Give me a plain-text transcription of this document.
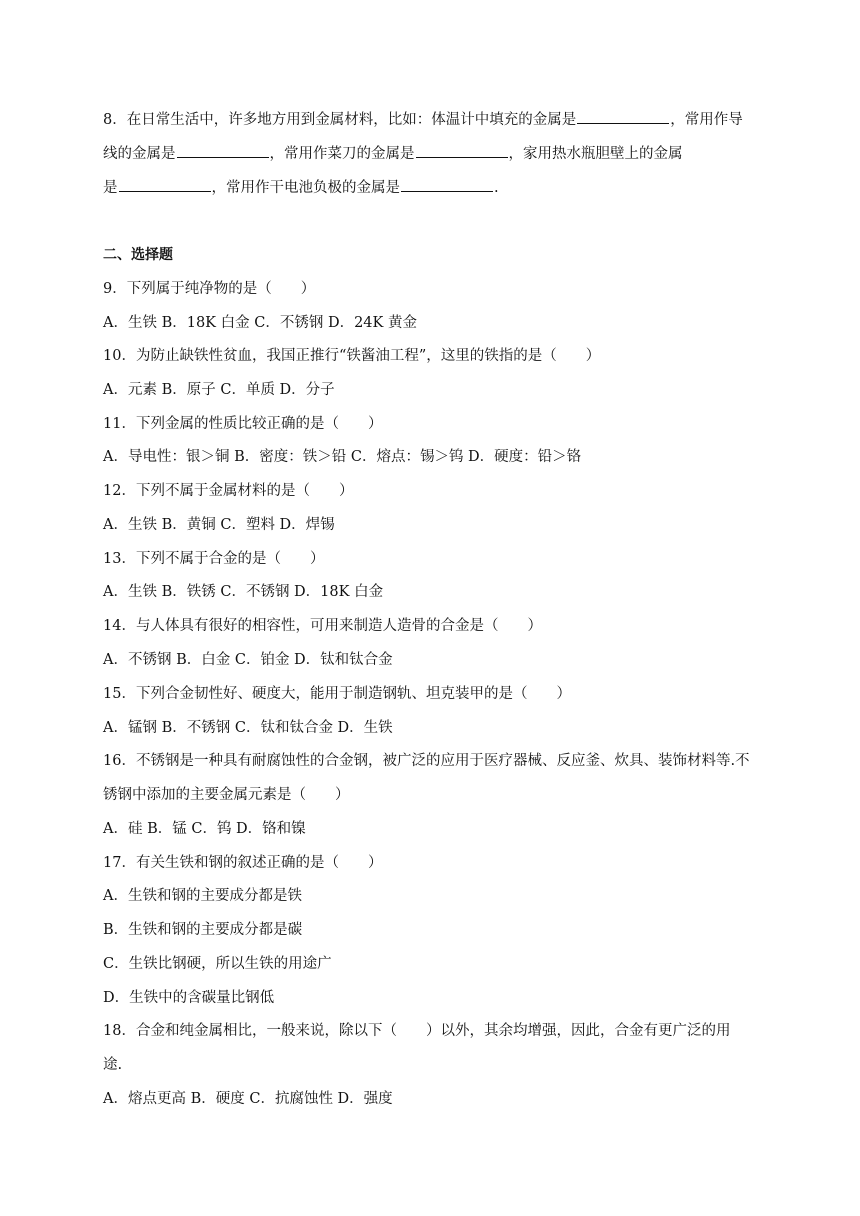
8．在日常生活中，许多地方用到金属材料，比如：体温计中填充的金属是	，常用作导
线的金属是	，常用作菜刀的金属是	，家用热水瓶胆壁上的金属
是	，常用作干电池负极的金属是	.
二、选择题
9．下列属于纯净物的是（　　）
A．生铁 B．18K 白金 C．不锈钢 D．24K 黄金
10．为防止缺铁性贫血，我国正推行“铁酱油工程”，这里的铁指的是（　　）
A．元素 B．原子 C．单质 D．分子
11．下列金属的性质比较正确的是（　　）
A．导电性：银＞铜 B．密度：铁＞铅 C．熔点：锡＞钨 D．硬度：铅＞铬
12．下列不属于金属材料的是（　　）
A．生铁 B．黄铜 C．塑料 D．焊锡
13．下列不属于合金的是（　　）
A．生铁 B．铁锈 C．不锈钢 D．18K 白金
14．与人体具有很好的相容性，可用来制造人造骨的合金是（　　）
A．不锈钢 B．白金 C．铂金 D．钛和钛合金
15．下列合金韧性好、硬度大，能用于制造钢轨、坦克装甲的是（　　）
A．锰钢 B．不锈钢 C．钛和钛合金 D．生铁
16．不锈钢是一种具有耐腐蚀性的合金钢，被广泛的应用于医疗器械、反应釜、炊具、装饰材料等.不
锈钢中添加的主要金属元素是（　　）
A．硅 B．锰 C．钨 D．铬和镍
17．有关生铁和钢的叙述正确的是（　　）
A．生铁和钢的主要成分都是铁
B．生铁和钢的主要成分都是碳
C．生铁比钢硬，所以生铁的用途广
D．生铁中的含碳量比钢低
18．合金和纯金属相比，一般来说，除以下（　　）以外，其余均增强，因此，合金有更广泛的用
途.
A．熔点更高 B．硬度 C．抗腐蚀性 D．强度
